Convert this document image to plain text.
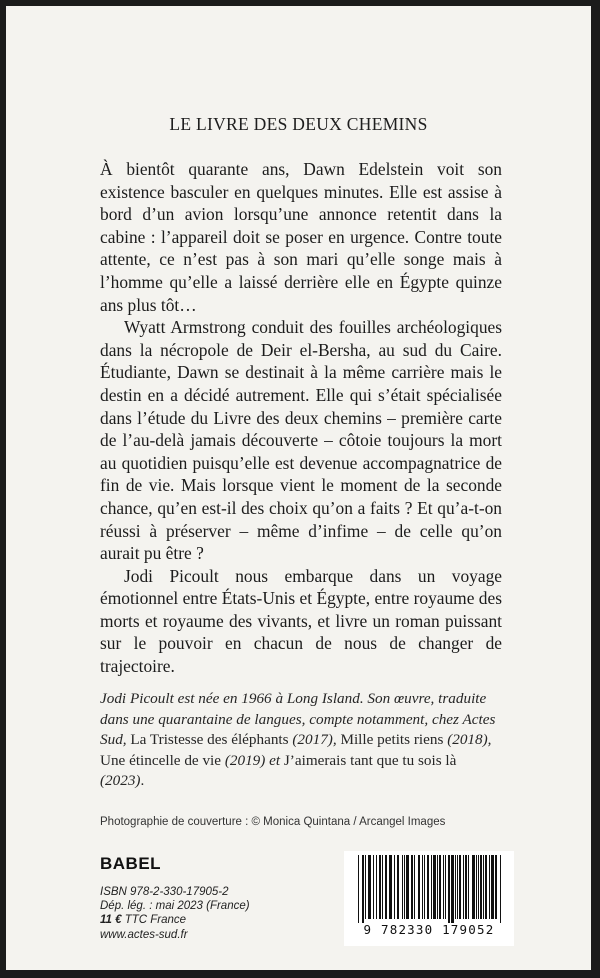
LE LIVRE DES DEUX CHEMINS

À bientôt quarante ans, Dawn Edelstein voit son existence basculer en quelques minutes. Elle est assise à bord d’un avion lorsqu’une annonce retentit dans la cabine : l’appareil doit se poser en urgence. Contre toute attente, ce n’est pas à son mari qu’elle songe mais à l’homme qu’elle a laissé derrière elle en Égypte quinze ans plus tôt…

Wyatt Armstrong conduit des fouilles archéologiques dans la nécropole de Deir el-Bersha, au sud du Caire. Étudiante, Dawn se destinait à la même carrière mais le destin en a décidé autrement. Elle qui s’était spécialisée dans l’étude du Livre des deux chemins – première carte de l’au-delà jamais découverte – côtoie toujours la mort au quotidien puisqu’elle est devenue accompagnatrice de fin de vie. Mais lorsque vient le moment de la seconde chance, qu’en est-il des choix qu’on a faits ? Et qu’a-t-on réussi à préserver – même d’infime – de celle qu’on aurait pu être ?

Jodi Picoult nous embarque dans un voyage émotionnel entre États-Unis et Égypte, entre royaume des morts et royaume des vivants, et livre un roman puissant sur le pouvoir en chacun de nous de changer de trajectoire.

Jodi Picoult est née en 1966 à Long Island. Son œuvre, traduite dans une quarantaine de langues, compte notamment, chez Actes Sud, La Tristesse des éléphants (2017), Mille petits riens (2018), Une étincelle de vie (2019) et J’aimerais tant que tu sois là (2023).

Photographie de couverture : © Monica Quintana / Arcangel Images
BABEL
ISBN 978-2-330-17905-2
Dép. lég. : mai 2023 (France)
11 € TTC France
www.actes-sud.fr	9 782330 179052
